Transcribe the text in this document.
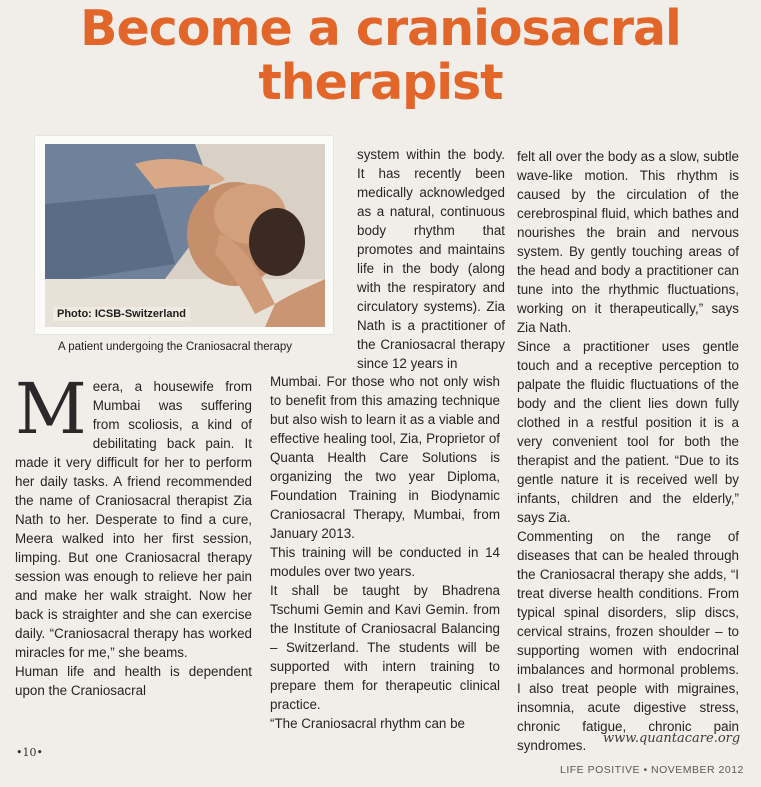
Become a craniosacral
therapist
Photo: ICSB-Switzerland

A patient undergoing the Craniosacral therapy

system within the body. It has recently been medically acknowledged as a natural, continuous body rhythm that promotes and maintains life in the body (along with the respiratory and circulatory systems). Zia Nath is a practitioner of the Craniosacral therapy since 12 years in

M eera, a housewife from Mumbai was suffering from scoliosis, a kind of debilitating back pain. It made it very difficult for her to perform her daily tasks. A friend recommended the name of Craniosacral therapist Zia Nath to her. Desperate to find a cure, Meera walked into her first session, limping. But one Craniosacral therapy session was enough to relieve her pain and make her walk straight. Now her back is straighter and she can exercise daily. “Craniosacral therapy has worked miracles for me,” she beams.

Human life and health is dependent upon the Craniosacral

Mumbai. For those who not only wish to benefit from this amazing technique but also wish to learn it as a viable and effective healing tool, Zia, Proprietor of Quanta Health Care Solutions is organizing the two year Diploma, Foundation Training in Biodynamic Craniosacral Therapy, Mumbai, from January 2013.

This training will be conducted in 14 modules over two years.

It shall be taught by Bhadrena Tschumi Gemin and Kavi Gemin. from the Institute of Craniosacral Balancing – Switzerland. The students will be supported with intern training to prepare them for therapeutic clinical practice.

“The Craniosacral rhythm can be

felt all over the body as a slow, subtle wave-like motion. This rhythm is caused by the circulation of the cerebrospinal fluid, which bathes and nourishes the brain and nervous system. By gently touching areas of the head and body a practitioner can tune into the rhythmic fluctuations, working on it therapeutically,” says Zia Nath.

Since a practitioner uses gentle touch and a receptive perception to palpate the fluidic fluctuations of the body and the client lies down fully clothed in a restful position it is a very convenient tool for both the therapist and the patient. “Due to its gentle nature it is received well by infants, children and the elderly,” says Zia.

Commenting on the range of diseases that can be healed through the Craniosacral therapy she adds, “I treat diverse health conditions. From typical spinal disorders, slip discs, cervical strains, frozen shoulder – to supporting women with endocrinal imbalances and hormonal problems. I also treat people with migraines, insomnia, acute digestive stress, chronic fatigue, chronic pain syndromes.	www.quantacare.org

•10•

LIFE POSITIVE • NOVEMBER 2012
